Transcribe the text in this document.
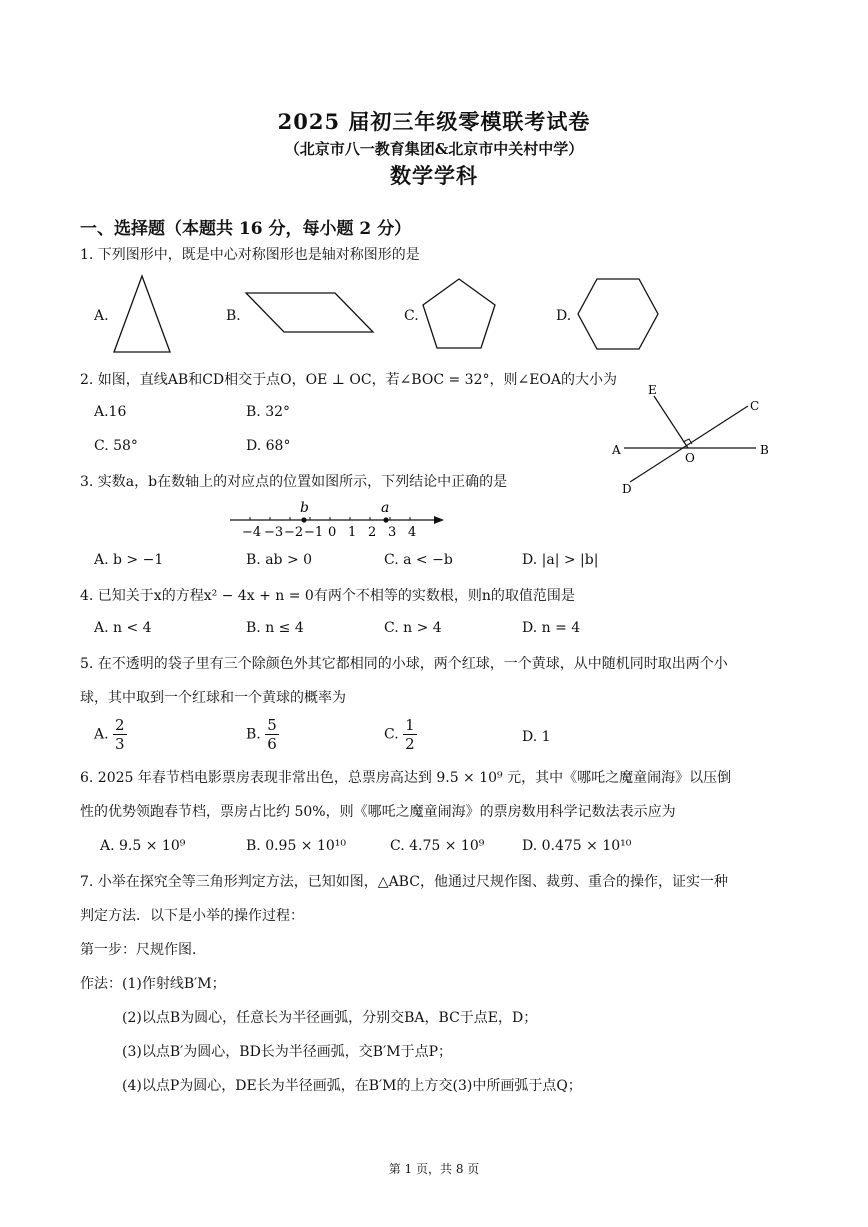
2025 届初三年级零模联考试卷
（北京市八一教育集团&北京市中关村中学）
数学学科
一、选择题（本题共 16 分，每小题 2 分）
1. 下列图形中，既是中心对称图形也是轴对称图形的是
A.	B.	C.	D.
2. 如图，直线AB和CD相交于点O，OE ⊥ OC，若∠BOC = 32°，则∠EOA的大小为
A.16	B. 32°
C. 58°	D. 68°
E
C
A
O
B
D
3. 实数a，b在数轴上的对应点的位置如图所示，下列结论中正确的是
b	a
−4 −3 −2 −1 0 1 2 3 4
A. b > −1	B. ab > 0	C. a < −b	D. |a| > |b|
4. 已知关于x的方程x² − 4x + n = 0有两个不相等的实数根，则n的取值范围是
A. n < 4	B. n ≤ 4	C. n > 4	D. n = 4
5. 在不透明的袋子里有三个除颜色外其它都相同的小球，两个红球，一个黄球，从中随机同时取出两个小
球，其中取到一个红球和一个黄球的概率为
A. $\frac{2}{3}$	B. $\frac{5}{6}$	C. $\frac{1}{2}$	D. 1
6. 2025 年春节档电影票房表现非常出色，总票房高达到 9.5 × 10⁹ 元，其中《哪吒之魔童闹海》以压倒
性的优势领跑春节档，票房占比约 50%，则《哪吒之魔童闹海》的票房数用科学记数法表示应为
A. 9.5 × 10⁹	B. 0.95 × 10¹⁰	C. 4.75 × 10⁹	D. 0.475 × 10¹⁰
7. 小举在探究全等三角形判定方法，已知如图，△ABC，他通过尺规作图、裁剪、重合的操作，证实一种
判定方法．以下是小举的操作过程：
第一步：尺规作图．
作法：(1)作射线B′M；
(2)以点B为圆心，任意长为半径画弧，分别交BA，BC于点E，D；
(3)以点B′为圆心，BD长为半径画弧，交B′M于点P；
(4)以点P为圆心，DE长为半径画弧，在B′M的上方交(3)中所画弧于点Q；
第 1 页，共 8 页
